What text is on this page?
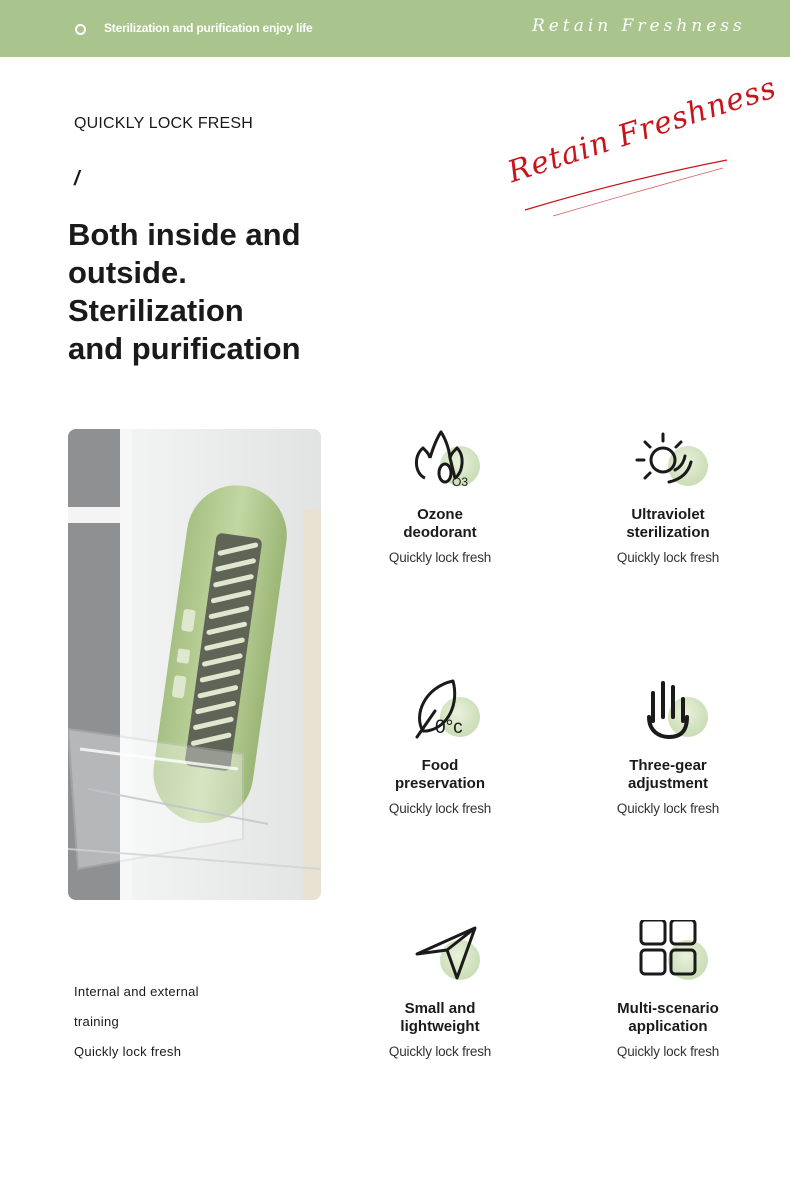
Sterilization and purification enjoy life	Retain Freshness
QUICKLY LOCK FRESH
/
Both inside and
outside.
Sterilization
and purification
Retain Freshness
O3
Ozone
deodorant
Quickly lock fresh
Ultraviolet
sterilization
Quickly lock fresh
0°c
Food
preservation
Quickly lock fresh
Three-gear
adjustment
Quickly lock fresh
Small and
lightweight
Quickly lock fresh
Multi-scenario
application
Quickly lock fresh
Internal and external
training
Quickly lock fresh
